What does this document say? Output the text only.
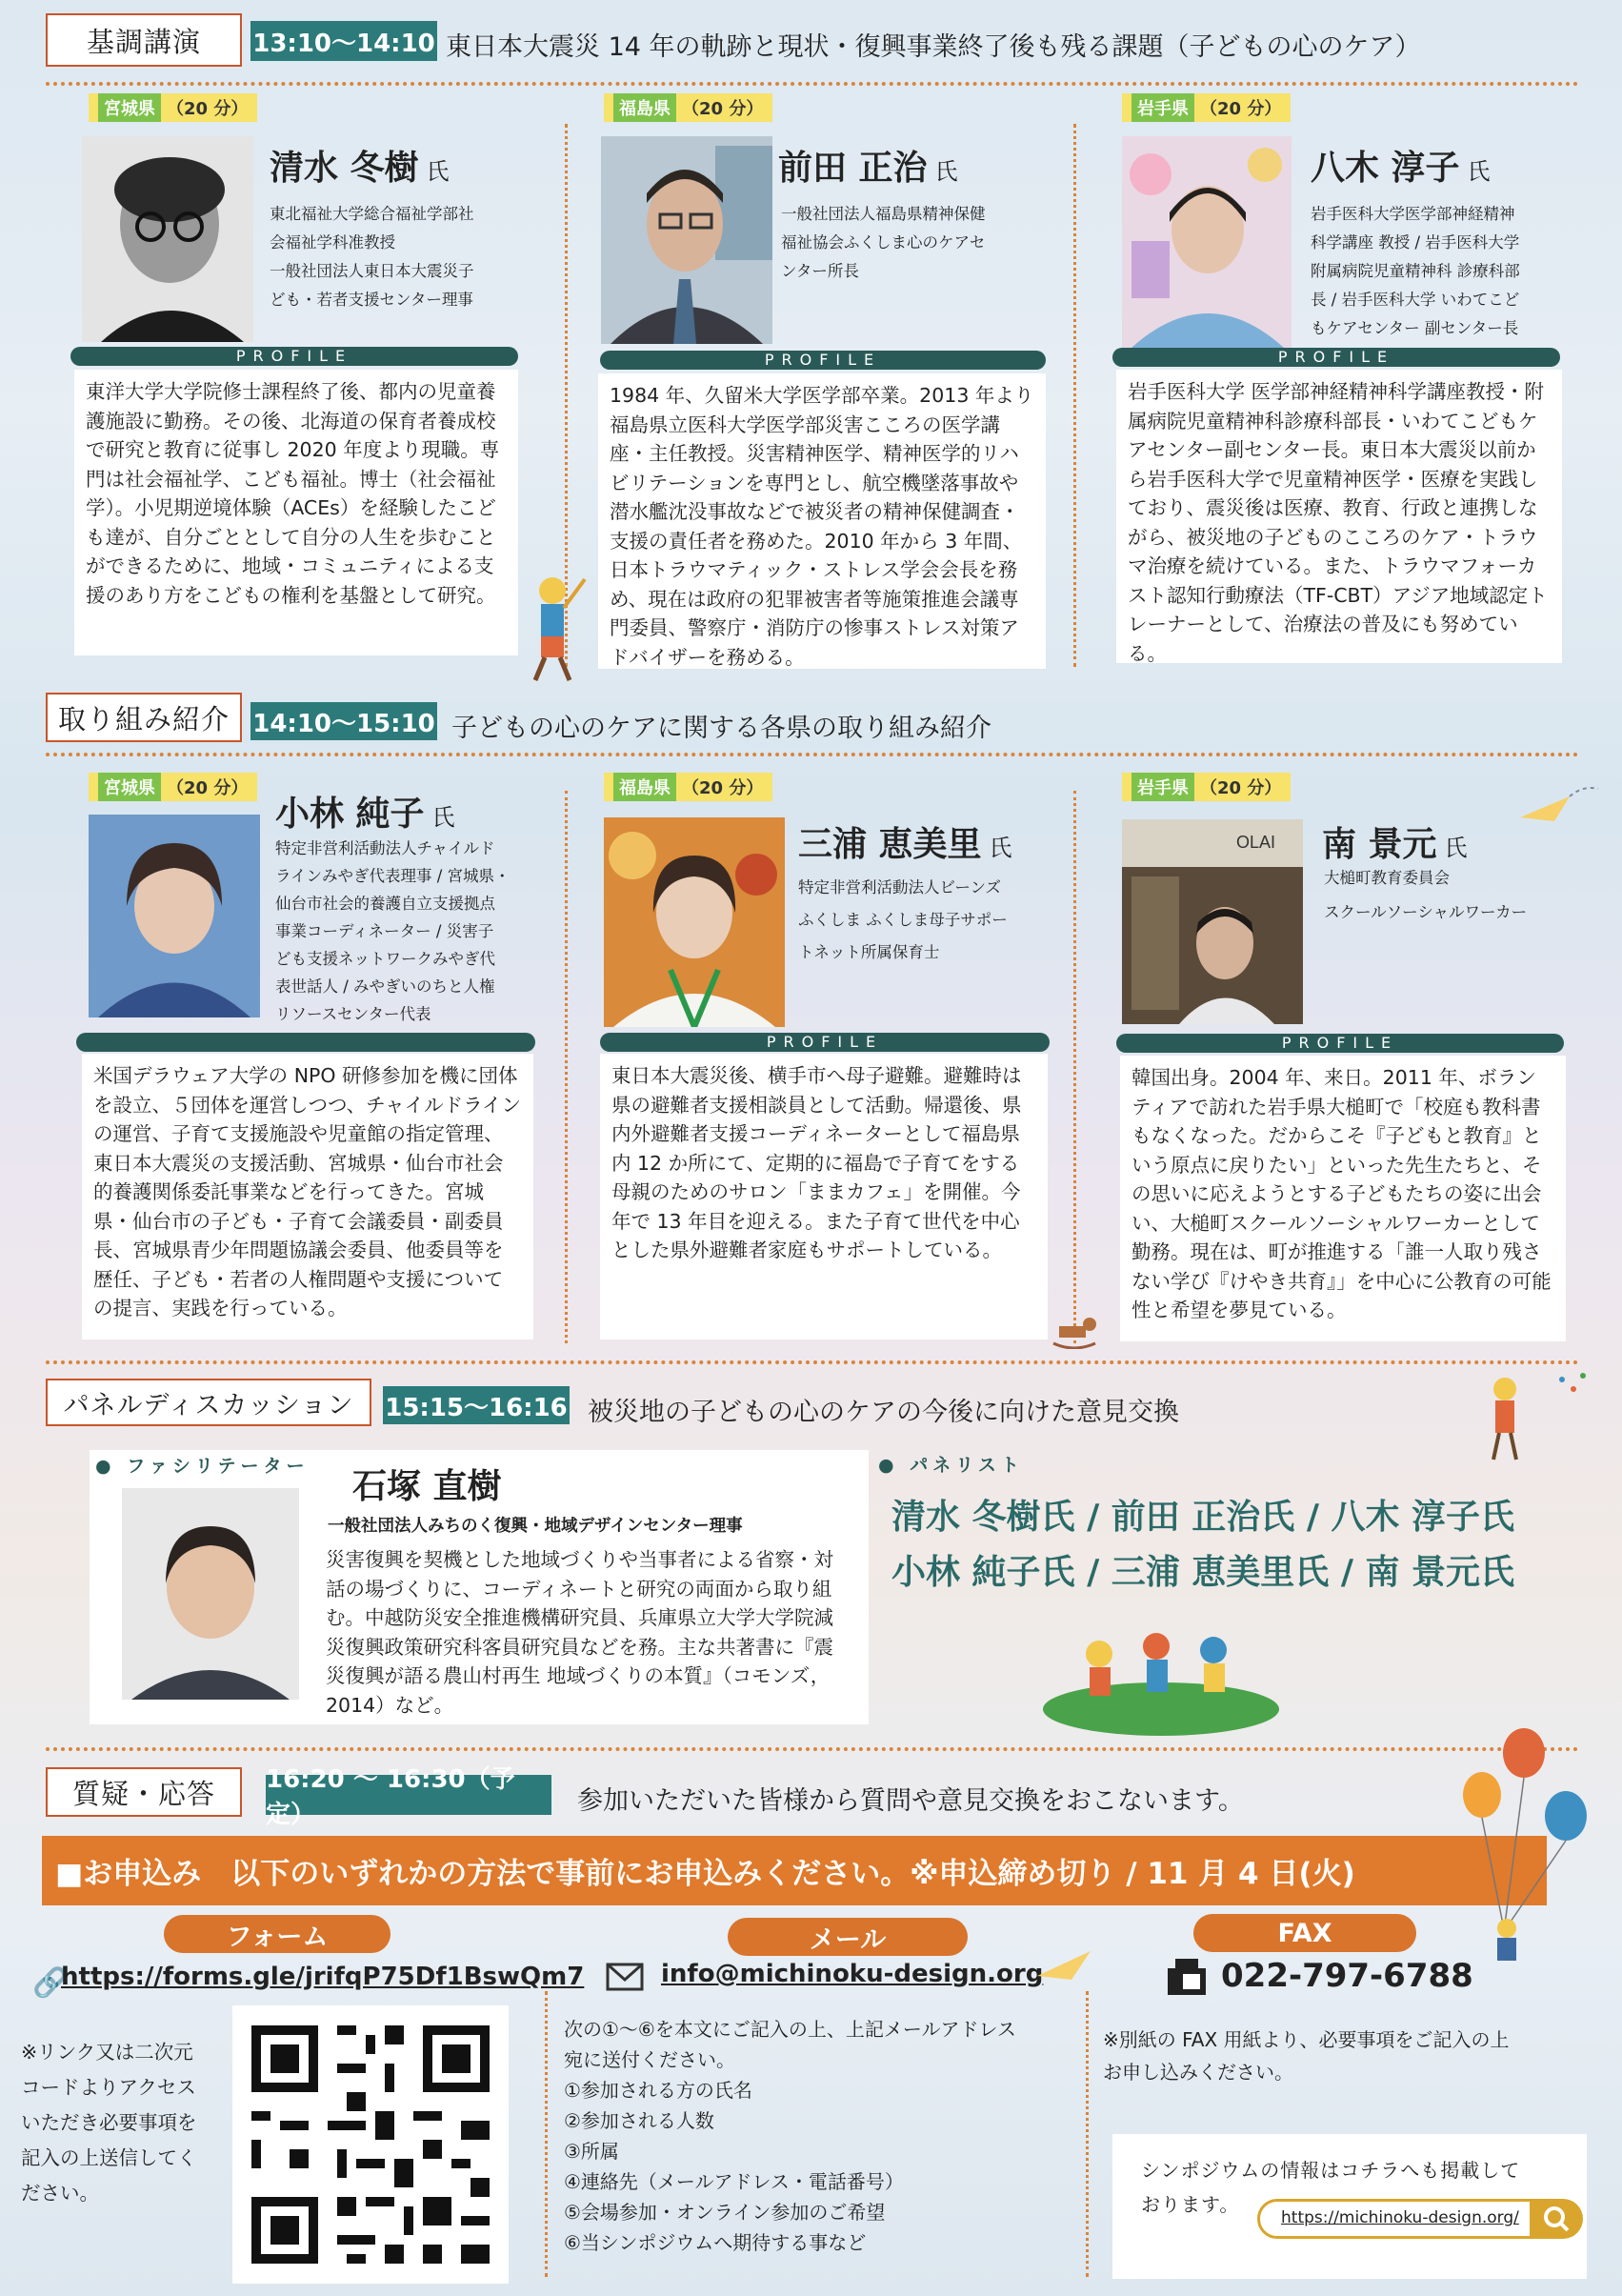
基調講演	13:10〜14:10 東日本大震災 14 年の軌跡と現状・復興事業終了後も残る課題（子どもの心のケア）
宮城県 （20 分）
清水 冬樹 氏
東北福祉大学総合福祉学部社
会福祉学科准教授
一般社団法人東日本大震災子
ども・若者支援センター理事
PROFILE
東洋大学大学院修士課程終了後、都内の児童養護施設に勤務。その後、北海道の保育者養成校で研究と教育に従事し 2020 年度より現職。専門は社会福祉学、こども福祉。博士（社会福祉学）。小児期逆境体験（ACEs）を経験したこども達が、自分ごととして自分の人生を歩むことができるために、地域・コミュニティによる支援のあり方をこどもの権利を基盤として研究。
福島県 （20 分）
前田 正治 氏
一般社団法人福島県精神保健
福祉協会ふくしま心のケアセ
ンター所長
PROFILE
1984 年、久留米大学医学部卒業。2013 年より福島県立医科大学医学部災害こころの医学講座・主任教授。災害精神医学、精神医学的リハビリテーションを専門とし、航空機墜落事故や潜水艦沈没事故などで被災者の精神保健調査・支援の責任者を務めた。2010 年から 3 年間、日本トラウマティック・ストレス学会会長を務め、現在は政府の犯罪被害者等施策推進会議専門委員、警察庁・消防庁の惨事ストレス対策アドバイザーを務める。
岩手県 （20 分）
八木 淳子 氏
岩手医科大学医学部神経精神
科学講座 教授 / 岩手医科大学
附属病院児童精神科 診療科部
長 / 岩手医科大学 いわてこど
もケアセンター 副センター長
PROFILE
岩手医科大学 医学部神経精神科学講座教授・附属病院児童精神科診療科部長・いわてこどもケアセンター副センター長。東日本大震災以前から岩手医科大学で児童精神医学・医療を実践しており、震災後は医療、教育、行政と連携しながら、被災地の子どものこころのケア・トラウマ治療を続けている。また、トラウマフォーカスト認知行動療法（TF-CBT）アジア地域認定トレーナーとして、治療法の普及にも努めている。
取り組み紹介 14:10〜15:10 子どもの心のケアに関する各県の取り組み紹介
宮城県 （20 分）
小林 純子 氏
特定非営利活動法人チャイルド
ラインみやぎ代表理事 / 宮城県・
仙台市社会的養護自立支援拠点
事業コーディネーター / 災害子
ども支援ネットワークみやぎ代
表世話人 / みやぎいのちと人権
リソースセンター代表
米国デラウェア大学の NPO 研修参加を機に団体を設立、５団体を運営しつつ、チャイルドラインの運営、子育て支援施設や児童館の指定管理、東日本大震災の支援活動、宮城県・仙台市社会的養護関係委託事業などを行ってきた。宮城県・仙台市の子ども・子育て会議委員・副委員長、宮城県青少年問題協議会委員、他委員等を歴任、子ども・若者の人権問題や支援についての提言、実践を行っている。
福島県 （20 分）
三浦 恵美里 氏
特定非営利活動法人ビーンズ
ふくしま ふくしま母子サポー
トネット所属保育士
PROFILE
東日本大震災後、横手市へ母子避難。避難時は県の避難者支援相談員として活動。帰還後、県内外避難者支援コーディネーターとして福島県内 12 か所にて、定期的に福島で子育てをする母親のためのサロン「ままカフェ」を開催。今年で 13 年目を迎える。また子育て世代を中心とした県外避難者家庭もサポートしている。
岩手県 （20 分）
OLAI 南 景元 氏
大槌町教育委員会
スクールソーシャルワーカー
PROFILE
韓国出身。2004 年、来日。2011 年、ボランティアで訪れた岩手県大槌町で「校庭も教科書もなくなった。だからこそ『子どもと教育』という原点に戻りたい」といった先生たちと、その思いに応えようとする子どもたちの姿に出会い、大槌町スクールソーシャルワーカーとして勤務。現在は、町が推進する「誰一人取り残さない学び『けやき共育』」を中心に公教育の可能性と希望を夢見ている。
パネルディスカッション	15:15〜16:16 被災地の子どもの心のケアの今後に向けた意見交換
● ファシリテーター
石塚 直樹
一般社団法人みちのく復興・地域デザインセンター理事
災害復興を契機とした地域づくりや当事者による省察・対話の場づくりに、コーディネートと研究の両面から取り組む。中越防災安全推進機構研究員、兵庫県立大学大学院減災復興政策研究科客員研究員などを務。主な共著書に『震災復興が語る農山村再生 地域づくりの本質』（コモンズ，2014）など。
● パネリスト
清水 冬樹氏 / 前田 正治氏 / 八木 淳子氏
小林 純子氏 / 三浦 恵美里氏 / 南 景元氏
質疑・応答	16:20 〜 16:30（予定）	参加いただいた皆様から質問や意見交換をおこないます。
■お申込み　以下のいずれかの方法で事前にお申込みください。※申込締め切り / 11 月 4 日(火)
フォーム	メール	FAX
🔗
https://forms.gle/jrifqP75Df1BswQm7	info@michinoku-design.org	022-797-6788
※リンク又は二次元
コードよりアクセス
いただき必要事項を
記入の上送信してく
ださい。
次の①〜⑥を本文にご記入の上、上記メールアドレス
宛に送付ください。
①参加される方の氏名
②参加される人数
③所属
④連絡先（メールアドレス・電話番号）
⑤会場参加・オンライン参加のご希望
⑥当シンポジウムへ期待する事など
※別紙の FAX 用紙より、必要事項をご記入の上
お申し込みください。
シンポジウムの情報はコチラへも掲載して
おります。
https://michinoku-design.org/
